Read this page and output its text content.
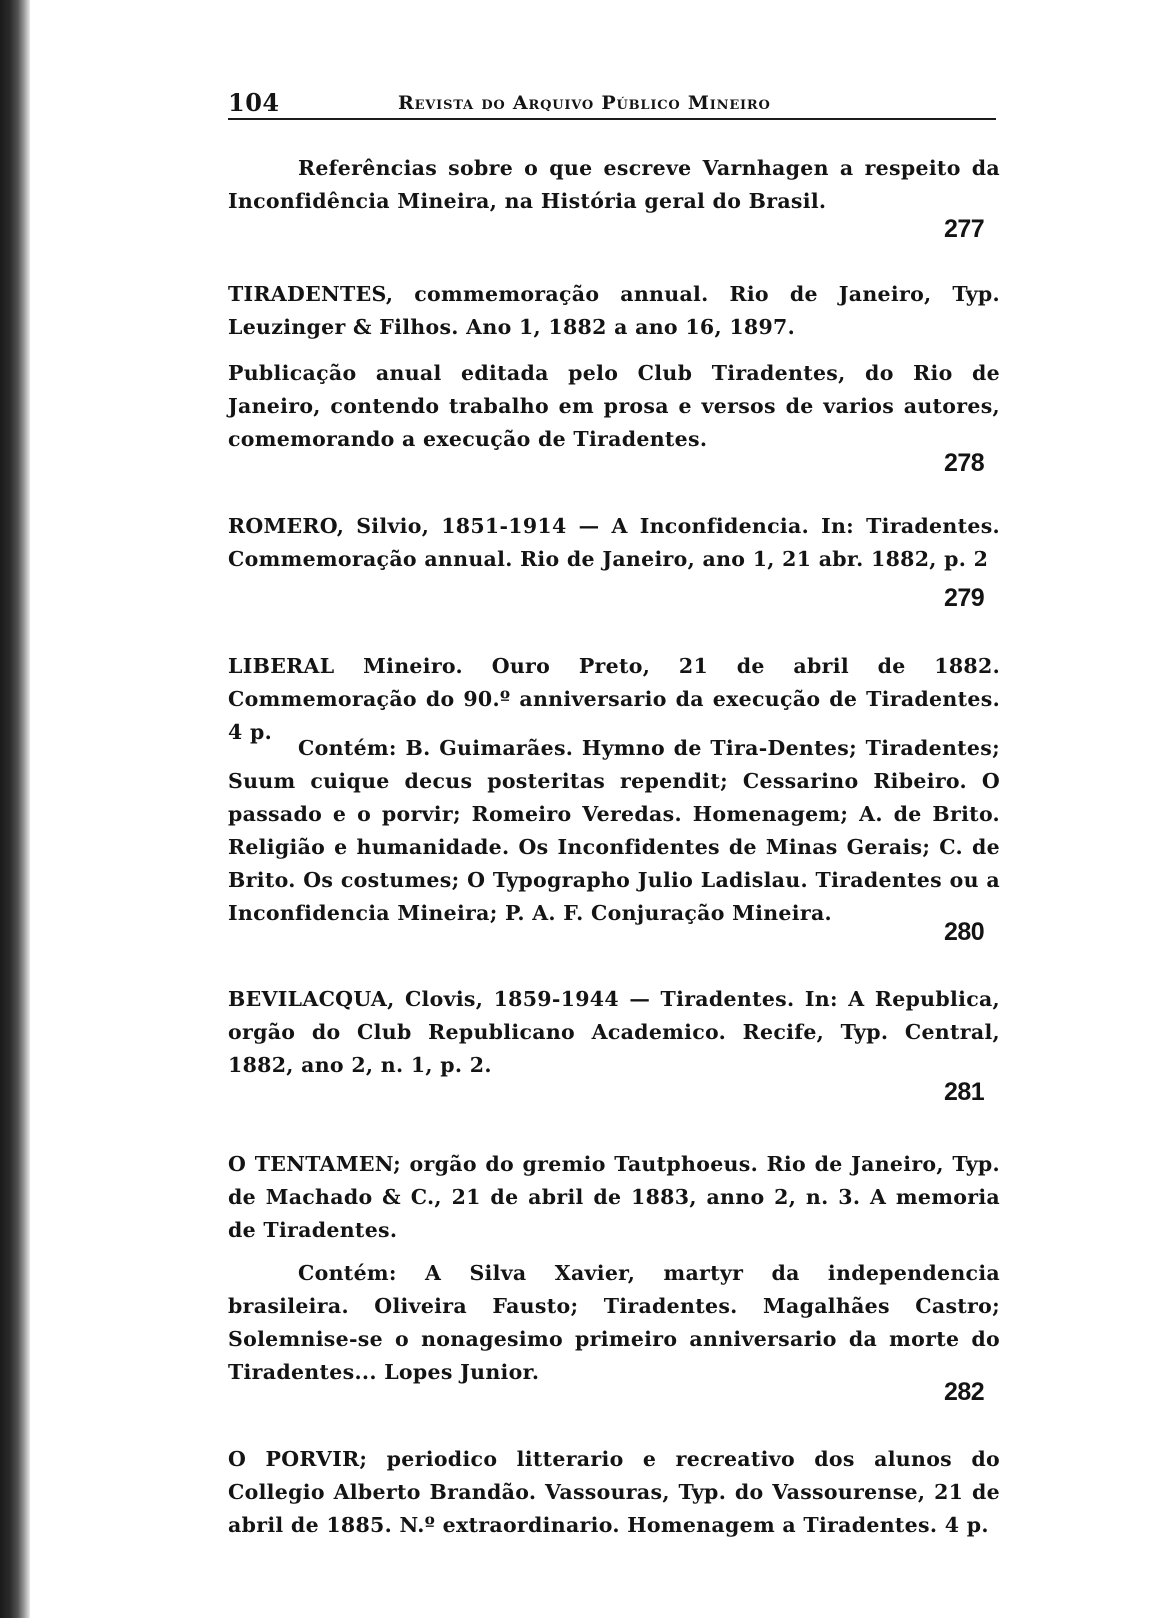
104	Revista do Arquivo Público Mineiro

Referências sobre o que escreve Varnhagen a respeito da Inconfidência Mineira, na História geral do Brasil.

277

TIRADENTES, commemoração annual. Rio de Janeiro, Typ. Leuzinger & Filhos. Ano 1, 1882 a ano 16, 1897.

Publicação anual editada pelo Club Tiradentes, do Rio de Janeiro, contendo trabalho em prosa e versos de varios autores, comemorando a execução de Tiradentes.

278

ROMERO, Silvio, 1851-1914 — A Inconfidencia. In: Tiradentes. Commemoração annual. Rio de Janeiro, ano 1, 21 abr. 1882, p. 2

279

LIBERAL Mineiro. Ouro Preto, 21 de abril de 1882. Commemoração do 90.º anniversario da execução de Tiradentes. 4 p.

Contém: B. Guimarães. Hymno de Tira-Dentes; Tiradentes; Suum cuique decus posteritas rependit; Cessarino Ribeiro. O passado e o porvir; Romeiro Veredas. Homenagem; A. de Brito. Religião e humanidade. Os Inconfidentes de Minas Gerais; C. de Brito. Os costumes; O Typographo Julio Ladislau. Tiradentes ou a Inconfidencia Mineira; P. A. F. Conjuração Mineira.

280

BEVILACQUA, Clovis, 1859-1944 — Tiradentes. In: A Republica, orgão do Club Republicano Academico. Recife, Typ. Central, 1882, ano 2, n. 1, p. 2.

281

O TENTAMEN; orgão do gremio Tautphoeus. Rio de Janeiro, Typ. de Machado & C., 21 de abril de 1883, anno 2, n. 3. A memoria de Tiradentes.

Contém: A Silva Xavier, martyr da independencia brasileira. Oliveira Fausto; Tiradentes. Magalhães Castro; Solemnise-se o nonagesimo primeiro anniversario da morte do Tiradentes... Lopes Junior.

282

O PORVIR; periodico litterario e recreativo dos alunos do Collegio Alberto Brandão. Vassouras, Typ. do Vassourense, 21 de abril de 1885. N.º extraordinario. Homenagem a Tiradentes. 4 p.
